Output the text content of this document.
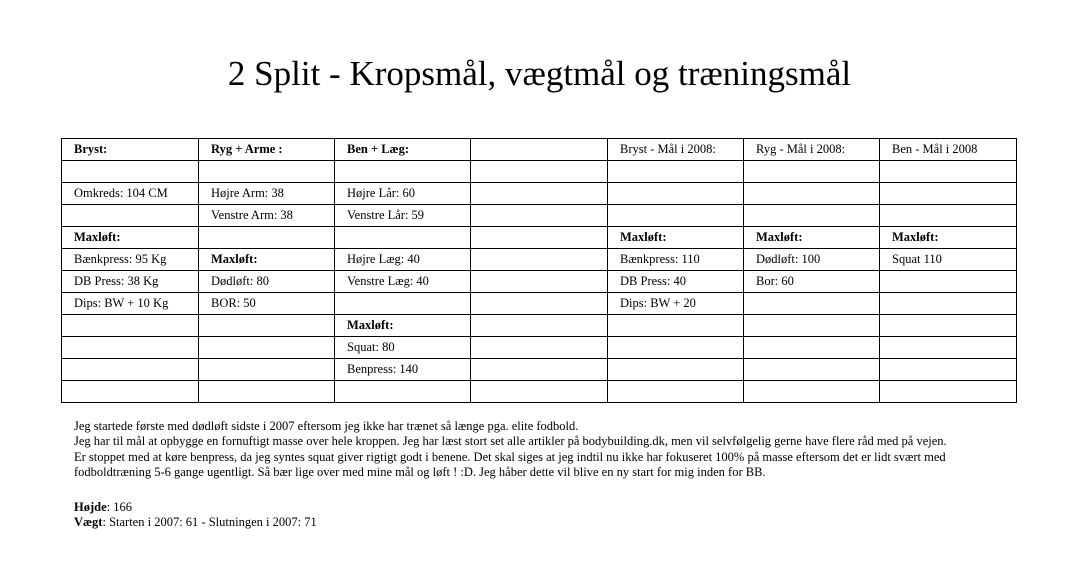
2 Split - Kropsmål, vægtmål og træningsmål
Bryst:	Ryg + Arme :	Ben + Læg:		Bryst - Mål i 2008:	Ryg - Mål i 2008:	Ben - Mål i 2008

Omkreds: 104 CM	Højre Arm: 38	Højre Lår: 60				
	Venstre Arm: 38	Venstre Lår: 59				
Maxløft:				Maxløft:	Maxløft:	Maxløft:
Bænkpress: 95 Kg	Maxløft:	Højre Læg: 40		Bænkpress: 110	Dødløft: 100	Squat 110
DB Press: 38 Kg	Dødløft: 80	Venstre Læg: 40		DB Press: 40	Bor: 60	
Dips: BW + 10 Kg	BOR: 50			Dips: BW + 20		
		Maxløft:				
		Squat: 80				
		Benpress: 140				

Jeg startede første med dødløft sidste i 2007 eftersom jeg ikke har trænet så længe pga. elite fodbold.

Jeg har til mål at opbygge en fornuftigt masse over hele kroppen. Jeg har læst stort set alle artikler på bodybuilding.dk, men vil selvfølgelig gerne have flere råd med på vejen.

Er stoppet med at køre benpress, da jeg syntes squat giver rigtigt godt i benene. Det skal siges at jeg indtil nu ikke har fokuseret 100% på masse eftersom det er lidt svært med

fodboldtræning 5-6 gange ugentligt. Så bær lige over med mine mål og løft ! :D. Jeg håber dette vil blive en ny start for mig inden for BB.

Højde: 166

Vægt: Starten i 2007: 61 - Slutningen i 2007: 71
